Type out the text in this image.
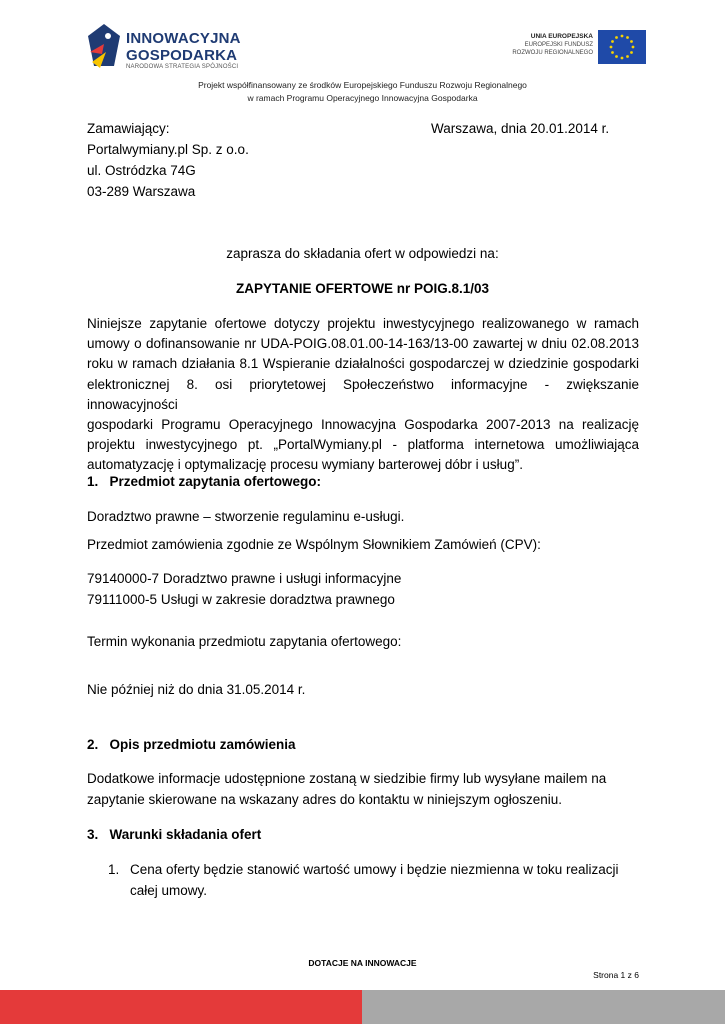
INNOWACYJNA
GOSPODARKA
NARODOWA STRATEGIA SPÓJNOŚCI
UNIA EUROPEJSKA
EUROPEJSKI FUNDUSZ
ROZWOJU REGIONALNEGO
Projekt współfinansowany ze środków Europejskiego Funduszu Rozwoju Regionalnego
w ramach Programu Operacyjnego Innowacyjna Gospodarka
Zamawiający:	Warszawa, dnia 20.01.2014 r.
Portalwymiany.pl Sp. z o.o.
ul. Ostródzka 74G
03-289 Warszawa
zaprasza do składania ofert w odpowiedzi na:
ZAPYTANIE OFERTOWE nr POIG.8.1/03
Niniejsze zapytanie ofertowe dotyczy projektu inwestycyjnego realizowanego w ramach
umowy o dofinansowanie nr UDA-POIG.08.01.00-14-163/13-00 zawartej w dniu 02.08.2013
roku w ramach działania 8.1 Wspieranie działalności gospodarczej w dziedzinie gospodarki
elektronicznej 8. osi priorytetowej Społeczeństwo informacyjne - zwiększanie innowacyjności
gospodarki Programu Operacyjnego Innowacyjna Gospodarka 2007-2013 na realizację
projektu inwestycyjnego pt. „PortalWymiany.pl - platforma internetowa umożliwiająca
automatyzację i optymalizację procesu wymiany barterowej dóbr i usług”.
1.   Przedmiot zapytania ofertowego:
Doradztwo prawne – stworzenie regulaminu e-usługi.
Przedmiot zamówienia zgodnie ze Wspólnym Słownikiem Zamówień (CPV):
79140000-7 Doradztwo prawne i usługi informacyjne
79111000-5 Usługi w zakresie doradztwa prawnego
Termin wykonania przedmiotu zapytania ofertowego:
Nie później niż do dnia 31.05.2014 r.
2.   Opis przedmiotu zamówienia
Dodatkowe informacje udostępnione zostaną w siedzibie firmy lub wysyłane mailem na
zapytanie skierowane na wskazany adres do kontaktu w niniejszym ogłoszeniu.
3.   Warunki składania ofert
1. Cena oferty będzie stanowić wartość umowy i będzie niezmienna w toku realizacji
całej umowy.
DOTACJE NA INNOWACJE
Strona 1 z 6
